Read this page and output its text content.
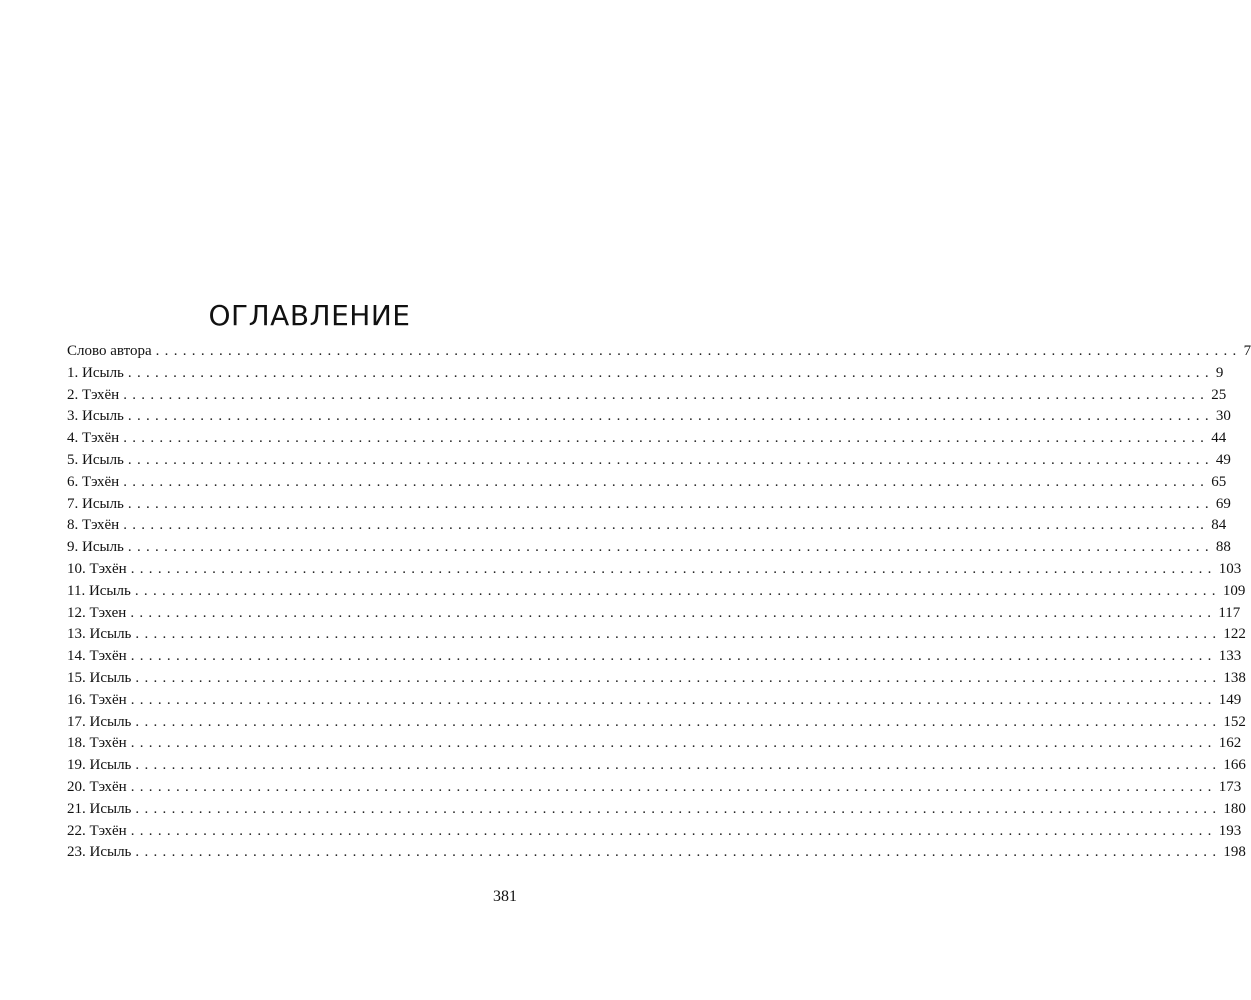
ОГЛАВЛЕНИЕ
Слово автора ........................................................................................................................ 7
1. Исыль ........................................................................................................................ 9
2. Тэхён ........................................................................................................................ 25
3. Исыль ........................................................................................................................ 30
4. Тэхён ........................................................................................................................ 44
5. Исыль ........................................................................................................................ 49
6. Тэхён ........................................................................................................................ 65
7. Исыль ........................................................................................................................ 69
8. Тэхён ........................................................................................................................ 84
9. Исыль ........................................................................................................................ 88
10. Тэхён ........................................................................................................................ 103
11. Исыль ........................................................................................................................ 109
12. Тэхен ........................................................................................................................ 117
13. Исыль ........................................................................................................................ 122
14. Тэхён ........................................................................................................................ 133
15. Исыль ........................................................................................................................ 138
16. Тэхён ........................................................................................................................ 149
17. Исыль ........................................................................................................................ 152
18. Тэхён ........................................................................................................................ 162
19. Исыль ........................................................................................................................ 166
20. Тэхён ........................................................................................................................ 173
21. Исыль ........................................................................................................................ 180
22. Тэхён ........................................................................................................................ 193
23. Исыль ........................................................................................................................ 198
381
